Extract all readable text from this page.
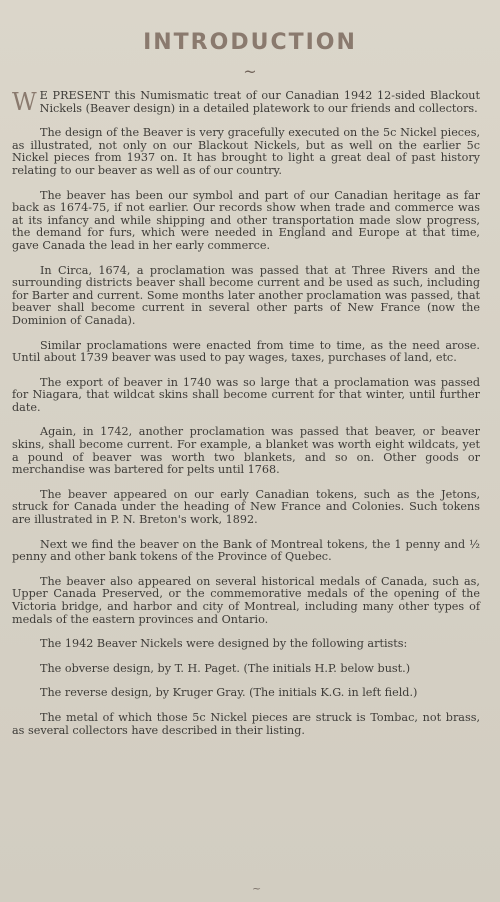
INTRODUCTION
~

W E PRESENT this Numismatic treat of our Canadian 1942 12-sided Blackout Nickels (Beaver design) in a detailed platework to our friends and collectors.

The design of the Beaver is very gracefully executed on the 5c Nickel pieces, as illustrated, not only on our Blackout Nickels, but as well on the earlier 5c Nickel pieces from 1937 on. It has brought to light a great deal of past history relating to our beaver as well as of our country.

The beaver has been our symbol and part of our Canadian heritage as far back as 1674-75, if not earlier. Our records show when trade and commerce was at its infancy and while shipping and other transportation made slow progress, the demand for furs, which were needed in England and Europe at that time, gave Canada the lead in her early commerce.

In Circa, 1674, a proclamation was passed that at Three Rivers and the surrounding districts beaver shall become current and be used as such, including for Barter and current. Some months later another proclamation was passed, that beaver shall become current in several other parts of New France (now the Dominion of Canada).

Similar proclamations were enacted from time to time, as the need arose. Until about 1739 beaver was used to pay wages, taxes, purchases of land, etc.

The export of beaver in 1740 was so large that a proclamation was passed for Niagara, that wildcat skins shall become current for that winter, until further date.

Again, in 1742, another proclamation was passed that beaver, or beaver skins, shall become current. For example, a blanket was worth eight wildcats, yet a pound of beaver was worth two blankets, and so on. Other goods or merchandise was bartered for pelts until 1768.

The beaver appeared on our early Canadian tokens, such as the Jetons, struck for Canada under the heading of New France and Colonies. Such tokens are illustrated in P. N. Breton's work, 1892.

Next we find the beaver on the Bank of Montreal tokens, the 1 penny and ½ penny and other bank tokens of the Province of Quebec.

The beaver also appeared on several historical medals of Canada, such as, Upper Canada Preserved, or the commemorative medals of the opening of the Victoria bridge, and harbor and city of Montreal, including many other types of medals of the eastern provinces and Ontario.

The 1942 Beaver Nickels were designed by the following artists:

The obverse design, by T. H. Paget. (The initials H.P. below bust.)

The reverse design, by Kruger Gray. (The initials K.G. in left field.)

The metal of which those 5c Nickel pieces are struck is Tombac, not brass, as several collectors have described in their listing.

~
